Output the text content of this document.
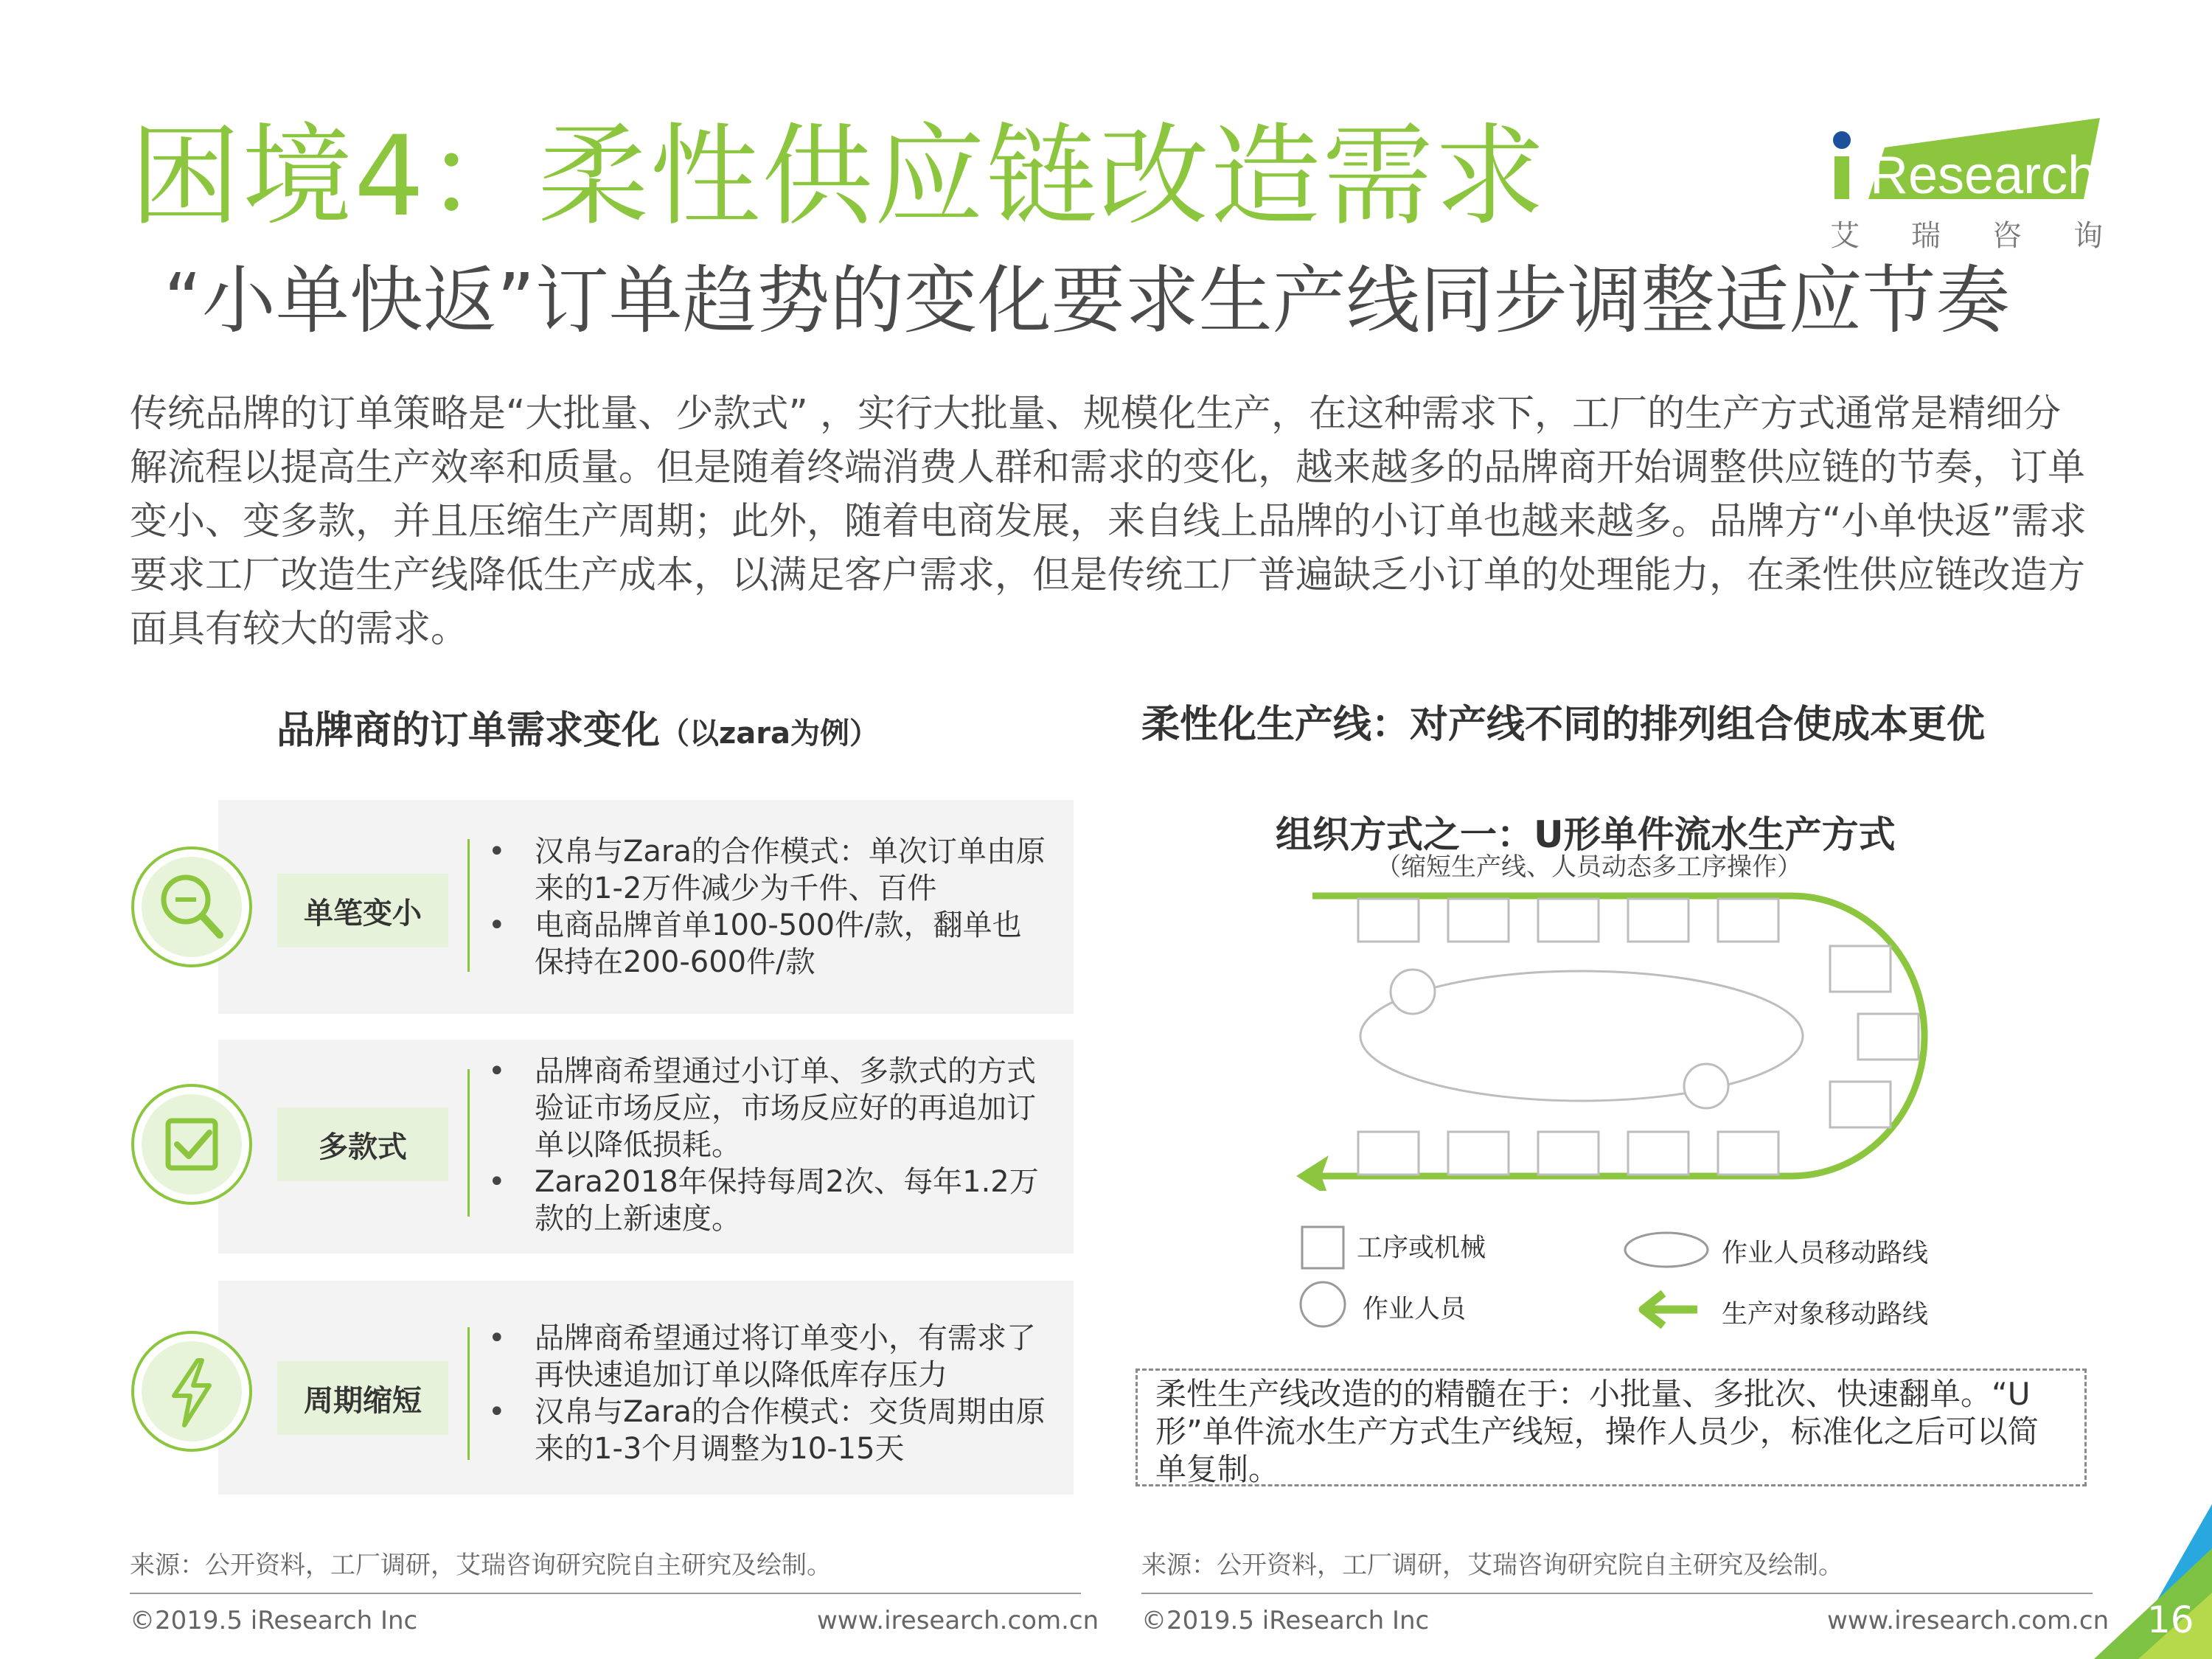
困境4：柔性供应链改造需求
“小单快返”订单趋势的变化要求生产线同步调整适应节奏
iResearch
艾 瑞 咨 询
传统品牌的订单策略是“大批量、少款式” ，实行大批量、规模化生产，在这种需求下，工厂的生产方式通常是精细分解流程以提高生产效率和质量。但是随着终端消费人群和需求的变化，越来越多的品牌商开始调整供应链的节奏，订单变小、变多款，并且压缩生产周期；此外，随着电商发展，来自线上品牌的小订单也越来越多。品牌方“小单快返”需求要求工厂改造生产线降低生产成本，以满足客户需求，但是传统工厂普遍缺乏小订单的处理能力，在柔性供应链改造方面具有较大的需求。
品牌商的订单需求变化（以zara为例）
单笔变小
• 汉帛与Zara的合作模式：单次订单由原来的1-2万件减少为千件、百件
• 电商品牌首单100-500件/款，翻单也保持在200-600件/款
多款式
• 品牌商希望通过小订单、多款式的方式验证市场反应，市场反应好的再追加订单以降低损耗。
• Zara2018年保持每周2次、每年1.2万款的上新速度。
周期缩短
• 品牌商希望通过将订单变小，有需求了再快速追加订单以降低库存压力
• 汉帛与Zara的合作模式：交货周期由原来的1-3个月调整为10-15天
柔性化生产线：对产线不同的排列组合使成本更优
组织方式之一：U形单件流水生产方式
（缩短生产线、人员动态多工序操作）
工序或机械	作业人员移动路线
作业人员	生产对象移动路线
柔性生产线改造的的精髓在于：小批量、多批次、快速翻单。“U形”单件流水生产方式生产线短，操作人员少，标准化之后可以简单复制。
来源：公开资料，工厂调研，艾瑞咨询研究院自主研究及绘制。	来源：公开资料，工厂调研，艾瑞咨询研究院自主研究及绘制。
©2019.5 iResearch Inc	www.iresearch.com.cn ©2019.5 iResearch Inc	www.iresearch.com.cn 16
